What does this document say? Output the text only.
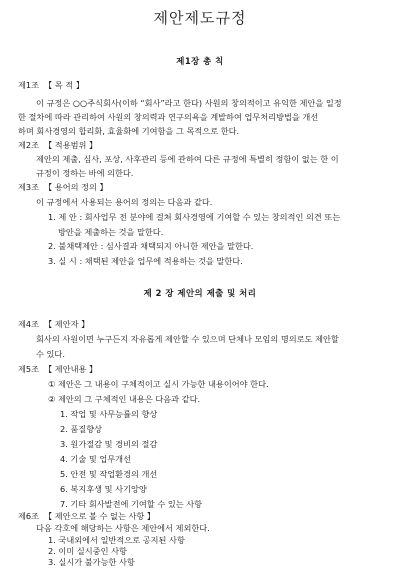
제안제도규정
제1장 총 칙
제1조 【 목 적 】
이 규정은 ○○주식회사(이하 “회사”라고 한다) 사원의 창의적이고 유익한 제안을 일정
한 절차에 따라 관리하여 사원의 창의력과 연구의욕을 계발하여 업무처리방법을 개선
하며 회사경영의 합리화, 효율화에 기여함을 그 목적으로 한다.
제2조 【 적용범위 】
제안의 제출, 심사, 포상, 사후관리 등에 관하여 다른 규정에 특별히 정함이 없는 한 이
규정이 정하는 바에 의한다.
제3조 【 용어의 정의 】
이 규정에서 사용되는 용어의 정의는 다음과 같다.
1. 제 안 : 회사업무 전 분야에 걸쳐 회사경영에 기여할 수 있는 창의적인 의견 또는
방안을 제출하는 것을 말한다.
2. 불채택제안 : 심사결과 채택되지 아니한 제안을 말한다.
3. 실 시 : 채택된 제안을 업무에 적용하는 것을 말한다.
제 2 장 제안의 제출 및 처리
제4조 【 제안자 】
회사의 사원이면 누구든지 자유롭게 제안할 수 있으며 단체나 모임의 명의로도 제안할
수 있다.
제5조 【 제안내용 】
① 제안은 그 내용이 구체적이고 실시 가능한 내용이어야 한다.
② 제안의 그 구체적인 내용은 다음과 같다.
1. 작업 및 사무능률의 향상
2. 품질향상
3. 원가절감 및 경비의 절감
4. 기술 및 업무개선
5. 안전 및 작업환경의 개선
6. 복지후생 및 사기앙양
7. 기타 회사발전에 기여할 수 있는 사항
제6조 【 제안으로 볼 수 없는 사항 】
다음 각호에 해당하는 사항은 제안에서 제외한다.
1. 국내외에서 일반적으로 공지된 사항
2. 이미 실시중인 사항
3. 실시가 불가능한 사항
